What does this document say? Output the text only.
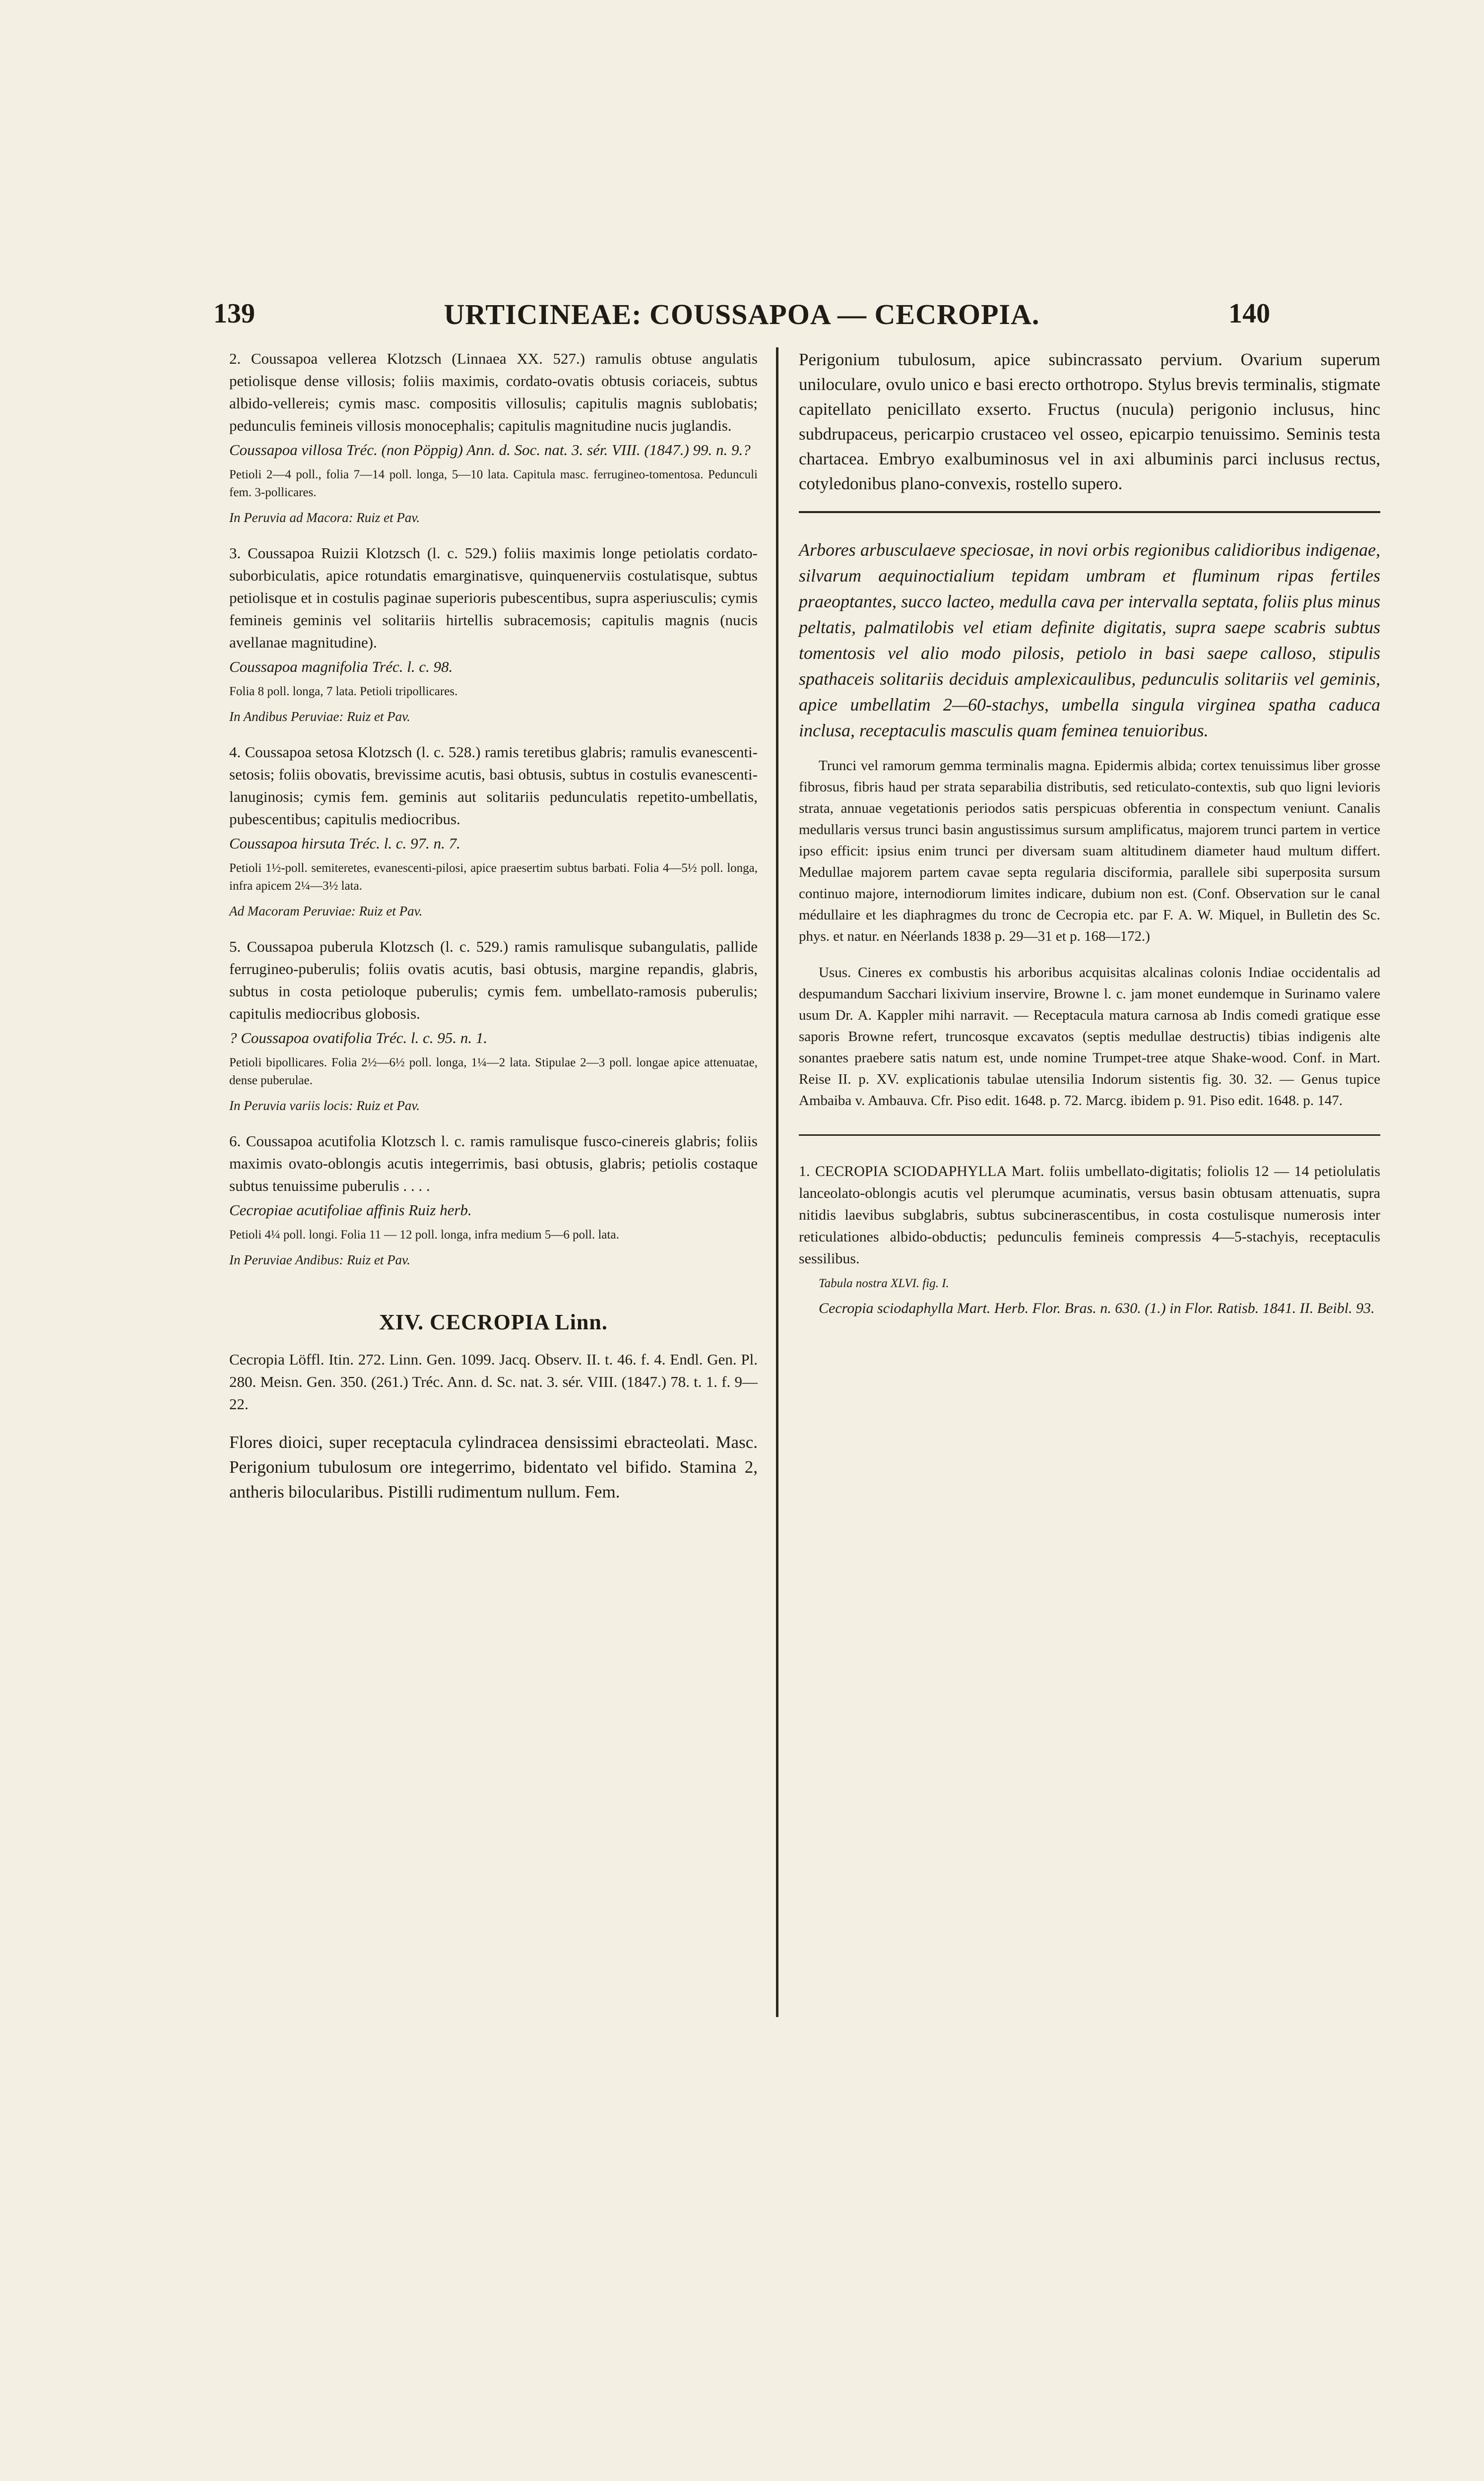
139	URTICINEAE: COUSSAPOA — CECROPIA.	140

2. Coussapoa vellerea Klotzsch (Linnaea XX. 527.) ramulis obtuse angulatis petiolisque dense villosis; foliis maximis, cordato-ovatis obtusis coriaceis, subtus albido-vellereis; cymis masc. compositis villosulis; capitulis magnis sublobatis; pedunculis femineis villosis monocephalis; capitulis magnitudine nucis juglandis.

Coussapoa villosa Tréc. (non Pöppig) Ann. d. Soc. nat. 3. sér. VIII. (1847.) 99. n. 9.?

Petioli 2—4 poll., folia 7—14 poll. longa, 5—10 lata. Capitula masc. ferrugineo-tomentosa. Pedunculi fem. 3-pollicares.

In Peruvia ad Macora: Ruiz et Pav.

3. Coussapoa Ruizii Klotzsch (l. c. 529.) foliis maximis longe petiolatis cordato-suborbiculatis, apice rotundatis emarginatisve, quinquenerviis costulatisque, subtus petiolisque et in costulis paginae superioris pubescentibus, supra asperiusculis; cymis femineis geminis vel solitariis hirtellis subracemosis; capitulis magnis (nucis avellanae magnitudine).

Coussapoa magnifolia Tréc. l. c. 98.

Folia 8 poll. longa, 7 lata. Petioli tripollicares.

In Andibus Peruviae: Ruiz et Pav.

4. Coussapoa setosa Klotzsch (l. c. 528.) ramis teretibus glabris; ramulis evanescenti-setosis; foliis obovatis, brevissime acutis, basi obtusis, subtus in costulis evanescenti-lanuginosis; cymis fem. geminis aut solitariis pedunculatis repetito-umbellatis, pubescentibus; capitulis mediocribus.

Coussapoa hirsuta Tréc. l. c. 97. n. 7.

Petioli 1½-poll. semiteretes, evanescenti-pilosi, apice praesertim subtus barbati. Folia 4—5½ poll. longa, infra apicem 2¼—3½ lata.

Ad Macoram Peruviae: Ruiz et Pav.

5. Coussapoa puberula Klotzsch (l. c. 529.) ramis ramulisque subangulatis, pallide ferrugineo-puberulis; foliis ovatis acutis, basi obtusis, margine repandis, glabris, subtus in costa petioloque puberulis; cymis fem. umbellato-ramosis puberulis; capitulis mediocribus globosis.

? Coussapoa ovatifolia Tréc. l. c. 95. n. 1.

Petioli bipollicares. Folia 2½—6½ poll. longa, 1¼—2 lata. Stipulae 2—3 poll. longae apice attenuatae, dense puberulae.

In Peruvia variis locis: Ruiz et Pav.

6. Coussapoa acutifolia Klotzsch l. c. ramis ramulisque fusco-cinereis glabris; foliis maximis ovato-oblongis acutis integerrimis, basi obtusis, glabris; petiolis costaque subtus tenuissime puberulis . . . .

Cecropiae acutifoliae affinis Ruiz herb.

Petioli 4¼ poll. longi. Folia 11 — 12 poll. longa, infra medium 5—6 poll. lata.

In Peruviae Andibus: Ruiz et Pav.

XIV. CECROPIA Linn.

Cecropia Löffl. Itin. 272. Linn. Gen. 1099. Jacq. Observ. II. t. 46. f. 4. Endl. Gen. Pl. 280. Meisn. Gen. 350. (261.) Tréc. Ann. d. Sc. nat. 3. sér. VIII. (1847.) 78. t. 1. f. 9—22.

Flores dioici, super receptacula cylindracea densissimi ebracteolati. Masc. Perigonium tubulosum ore integerrimo, bidentato vel bifido. Stamina 2, antheris bilocularibus. Pistilli rudimentum nullum. Fem.

Perigonium tubulosum, apice subincrassato pervium. Ovarium superum uniloculare, ovulo unico e basi erecto orthotropo. Stylus brevis terminalis, stigmate capitellato penicillato exserto. Fructus (nucula) perigonio inclusus, hinc subdrupaceus, pericarpio crustaceo vel osseo, epicarpio tenuissimo. Seminis testa chartacea. Embryo exalbuminosus vel in axi albuminis parci inclusus rectus, cotyledonibus plano-convexis, rostello supero.

Arbores arbusculaeve speciosae, in novi orbis regionibus calidioribus indigenae, silvarum aequinoctialium tepidam umbram et fluminum ripas fertiles praeoptantes, succo lacteo, medulla cava per intervalla septata, foliis plus minus peltatis, palmatilobis vel etiam definite digitatis, supra saepe scabris subtus tomentosis vel alio modo pilosis, petiolo in basi saepe calloso, stipulis spathaceis solitariis deciduis amplexicaulibus, pedunculis solitariis vel geminis, apice umbellatim 2—60-stachys, umbella singula virginea spatha caduca inclusa, receptaculis masculis quam feminea tenuioribus.

Trunci vel ramorum gemma terminalis magna. Epidermis albida; cortex tenuissimus liber grosse fibrosus, fibris haud per strata separabilia distributis, sed reticulato-contextis, sub quo ligni levioris strata, annuae vegetationis periodos satis perspicuas obferentia in conspectum veniunt. Canalis medullaris versus trunci basin angustissimus sursum amplificatus, majorem trunci partem in vertice ipso efficit: ipsius enim trunci per diversam suam altitudinem diameter haud multum differt. Medullae majorem partem cavae septa regularia disciformia, parallele sibi superposita sursum continuo majore, internodiorum limites indicare, dubium non est. (Conf. Observation sur le canal médullaire et les diaphragmes du tronc de Cecropia etc. par F. A. W. Miquel, in Bulletin des Sc. phys. et natur. en Néerlands 1838 p. 29—31 et p. 168—172.)

Usus. Cineres ex combustis his arboribus acquisitas alcalinas colonis Indiae occidentalis ad despumandum Sacchari lixivium inservire, Browne l. c. jam monet eundemque in Surinamo valere usum Dr. A. Kappler mihi narravit. — Receptacula matura carnosa ab Indis comedi gratique esse saporis Browne refert, truncosque excavatos (septis medullae destructis) tibias indigenis alte sonantes praebere satis natum est, unde nomine Trumpet-tree atque Shake-wood. Conf. in Mart. Reise II. p. XV. explicationis tabulae utensilia Indorum sistentis fig. 30. 32. — Genus tupice Ambaiba v. Ambauva. Cfr. Piso edit. 1648. p. 72. Marcg. ibidem p. 91. Piso edit. 1648. p. 147.

1. CECROPIA SCIODAPHYLLA Mart. foliis umbellato-digitatis; foliolis 12 — 14 petiolulatis lanceolato-oblongis acutis vel plerumque acuminatis, versus basin obtusam attenuatis, supra nitidis laevibus subglabris, subtus subcinerascentibus, in costa costulisque numerosis inter reticulationes albido-obductis; pedunculis femineis compressis 4—5-stachyis, receptaculis sessilibus.

Tabula nostra XLVI. fig. I.

Cecropia sciodaphylla Mart. Herb. Flor. Bras. n. 630. (1.) in Flor. Ratisb. 1841. II. Beibl. 93.
